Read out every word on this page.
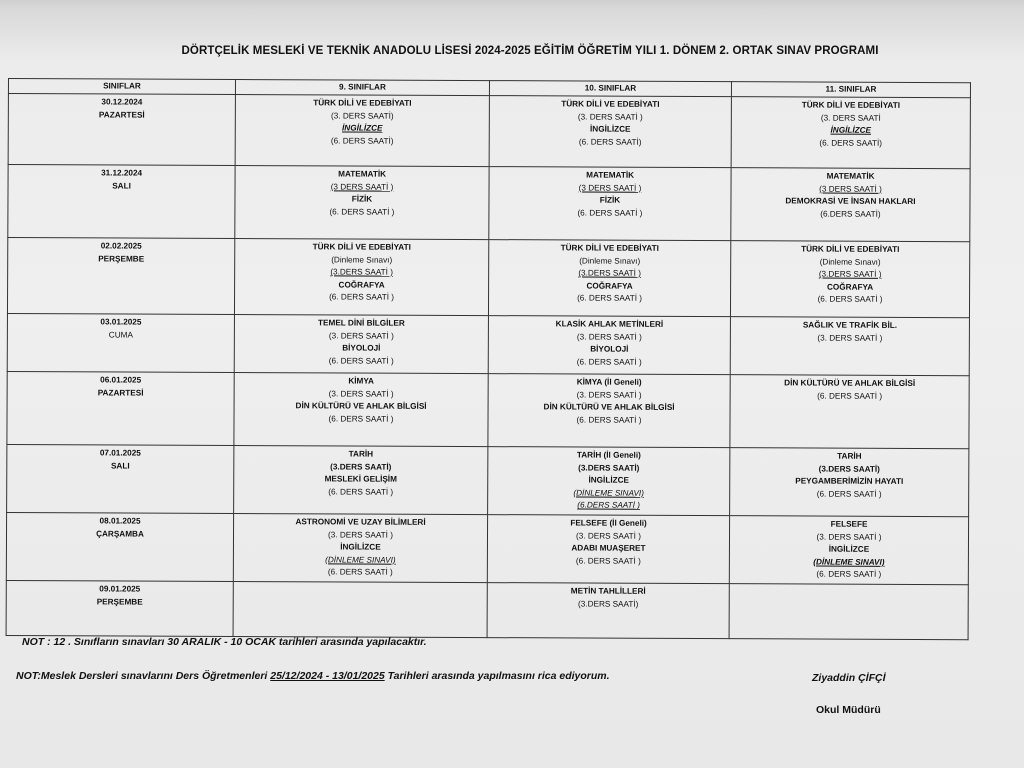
DÖRTÇELİK MESLEKİ VE TEKNİK ANADOLU LİSESİ 2024-2025 EĞİTİM ÖĞRETİM YILI 1. DÖNEM 2. ORTAK SINAV PROGRAMI
SINIFLAR	9. SINIFLAR	10. SINIFLAR	11. SINIFLAR

30.12.2024
PAZARTESİ	TÜRK DİLİ VE EDEBİYATI
(3. DERS SAATİ)
İNGİLİZCE
(6. DERS SAATİ)	TÜRK DİLİ VE EDEBİYATI
(3. DERS SAATİ )
İNGİLİZCE
(6. DERS SAATİ)	TÜRK DİLİ VE EDEBİYATI
(3. DERS SAATİ
İNGİLİZCE
(6. DERS SAATİ)

31.12.2024
SALI	MATEMATİK
(3 DERS SAATİ )
FİZİK
(6. DERS SAATİ )	MATEMATİK
(3 DERS SAATİ )
FİZİK
(6. DERS SAATİ )	MATEMATİK
(3 DERS SAATİ )
DEMOKRASİ VE İNSAN HAKLARI
(6.DERS SAATİ)

02.02.2025
PERŞEMBE	TÜRK DİLİ VE EDEBİYATI
(Dinleme Sınavı)
(3.DERS SAATİ )
COĞRAFYA
(6. DERS SAATİ )	TÜRK DİLİ VE EDEBİYATI
(Dinleme Sınavı)
(3.DERS SAATİ )
COĞRAFYA
(6. DERS SAATİ )	TÜRK DİLİ VE EDEBİYATI
(Dinleme Sınavı)
(3.DERS SAATİ )
COĞRAFYA
(6. DERS SAATİ )

03.01.2025
CUMA	TEMEL DİNİ BİLGİLER
(3. DERS SAATİ )
BİYOLOJİ
(6. DERS SAATİ )	KLASİK AHLAK METİNLERİ
(3. DERS SAATİ )
BİYOLOJİ
(6. DERS SAATİ )	SAĞLIK VE TRAFİK BİL.
(3. DERS SAATİ )

06.01.2025
PAZARTESİ	KİMYA
(3. DERS SAATİ )
DİN KÜLTÜRÜ VE AHLAK BİLGİSİ
(6. DERS SAATİ )	KİMYA (İl Geneli)
(3. DERS SAATİ )
DİN KÜLTÜRÜ VE AHLAK BİLGİSİ
(6. DERS SAATİ )	DİN KÜLTÜRÜ VE AHLAK BİLGİSİ
(6. DERS SAATİ )

07.01.2025
SALI	TARİH
(3.DERS SAATİ)
MESLEKİ GELİŞİM
(6. DERS SAATİ )	TARİH (İl Geneli)
(3.DERS SAATİ)
İNGİLİZCE
(DİNLEME SINAVI)
(6.DERS SAATİ )	TARİH
(3.DERS SAATİ)
PEYGAMBERİMİZİN HAYATI
(6. DERS SAATİ )

08.01.2025
ÇARŞAMBA	ASTRONOMİ VE UZAY BİLİMLERİ
(3. DERS SAATİ )
İNGİLİZCE
(DİNLEME SINAVI)
(6. DERS SAATİ )	FELSEFE (İl Geneli)
(3. DERS SAATİ )
ADABI MUAŞERET
(6. DERS SAATİ )	FELSEFE
(3. DERS SAATİ )
İNGİLİZCE
(DİNLEME SINAVI)
(6. DERS SAATİ )

09.01.2025
PERŞEMBE		METİN TAHLİLLERİ
(3.DERS SAATİ)	

NOT : 12 . Sınıfların sınavları 30 ARALIK - 10 OCAK tarihleri arasında yapılacaktır.
NOT:Meslek Dersleri sınavlarını Ders Öğretmenleri 25/12/2024 - 13/01/2025 Tarihleri arasında yapılmasını rica ediyorum.	Ziyaddin ÇİFÇİ
Okul Müdürü
